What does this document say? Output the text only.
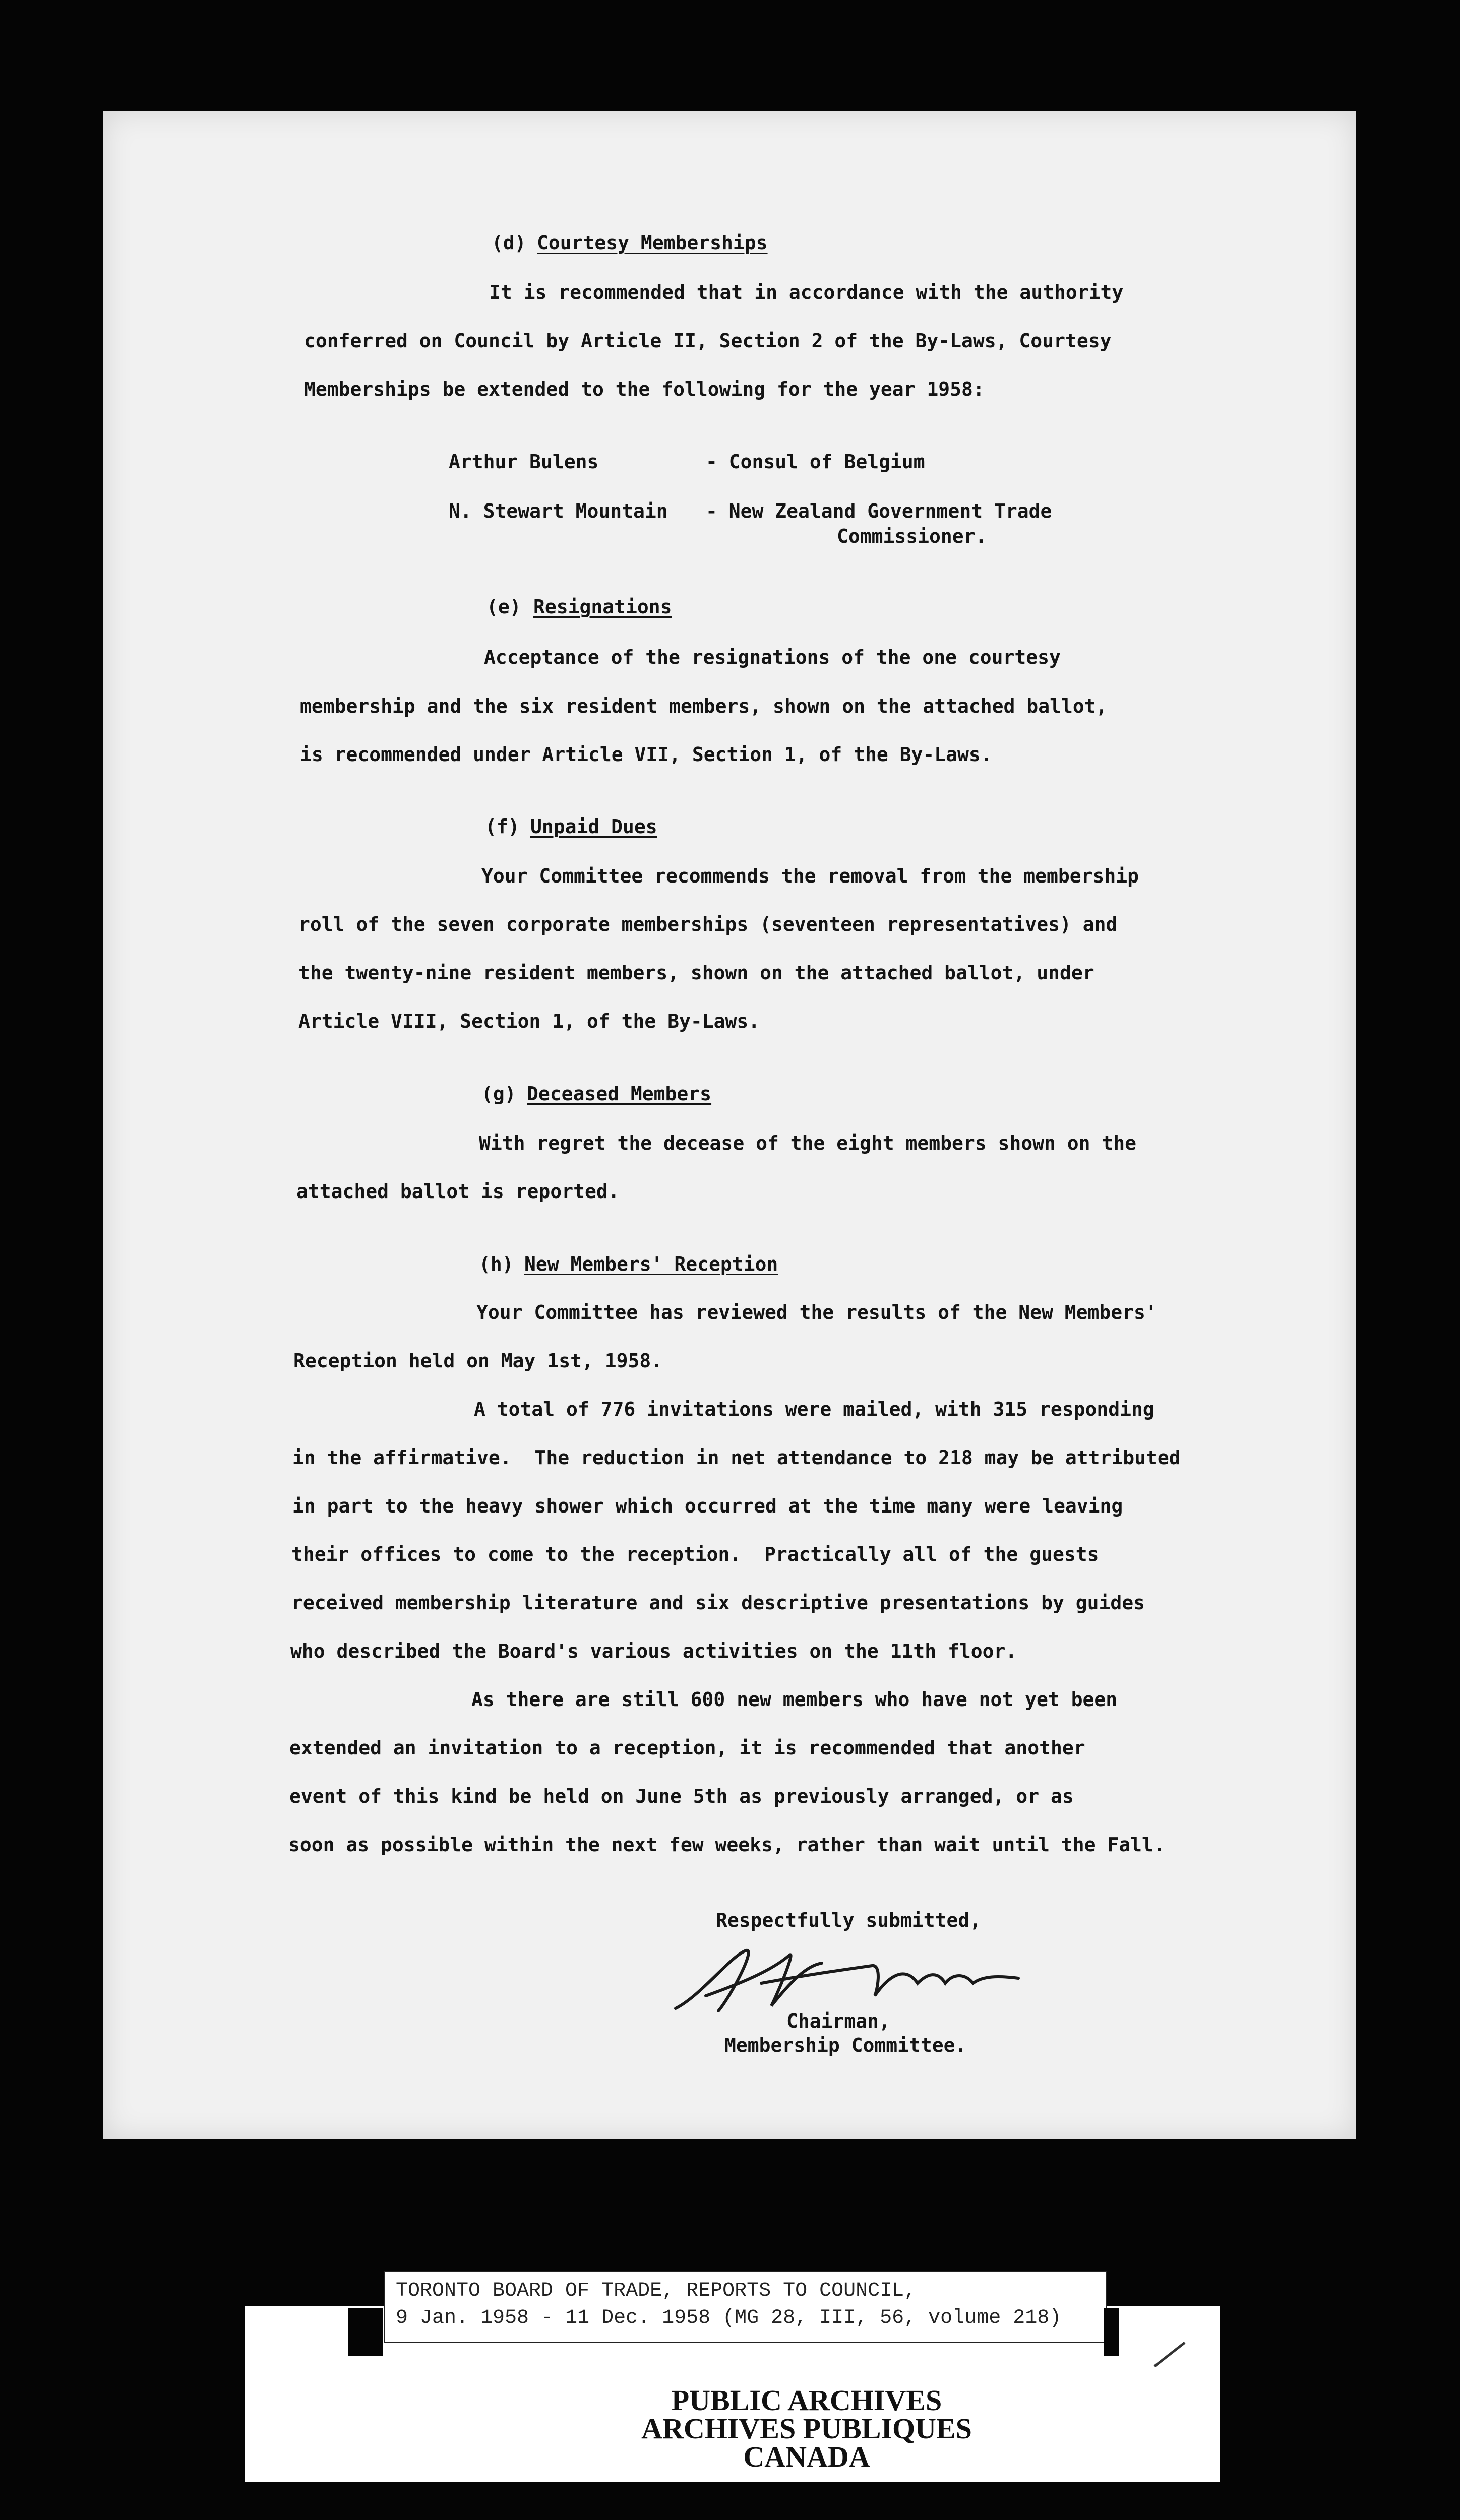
(d) Courtesy Memberships
It is recommended that in accordance with the authority
conferred on Council by Article II, Section 2 of the By-Laws, Courtesy
Memberships be extended to the following for the year 1958:
Arthur Bulens	- Consul of Belgium
N. Stewart Mountain - New Zealand Government Trade
Commissioner.
(e) Resignations
Acceptance of the resignations of the one courtesy
membership and the six resident members, shown on the attached ballot,
is recommended under Article VII, Section 1, of the By-Laws.
(f) Unpaid Dues
Your Committee recommends the removal from the membership
roll of the seven corporate memberships (seventeen representatives) and
the twenty-nine resident members, shown on the attached ballot, under
Article VIII, Section 1, of the By-Laws.
(g) Deceased Members
With regret the decease of the eight members shown on the
attached ballot is reported.
(h) New Members' Reception
Your Committee has reviewed the results of the New Members'
Reception held on May 1st, 1958.
A total of 776 invitations were mailed, with 315 responding
in the affirmative.  The reduction in net attendance to 218 may be attributed
in part to the heavy shower which occurred at the time many were leaving
their offices to come to the reception.  Practically all of the guests
received membership literature and six descriptive presentations by guides
who described the Board's various activities on the 11th floor.
As there are still 600 new members who have not yet been
extended an invitation to a reception, it is recommended that another
event of this kind be held on June 5th as previously arranged, or as
soon as possible within the next few weeks, rather than wait until the Fall.
Respectfully submitted,
Chairman,
Membership Committee.
TORONTO BOARD OF TRADE, REPORTS TO COUNCIL,
9 Jan. 1958 - 11 Dec. 1958 (MG 28, III, 56, volume 218)
PUBLIC ARCHIVES
ARCHIVES PUBLIQUES
CANADA
